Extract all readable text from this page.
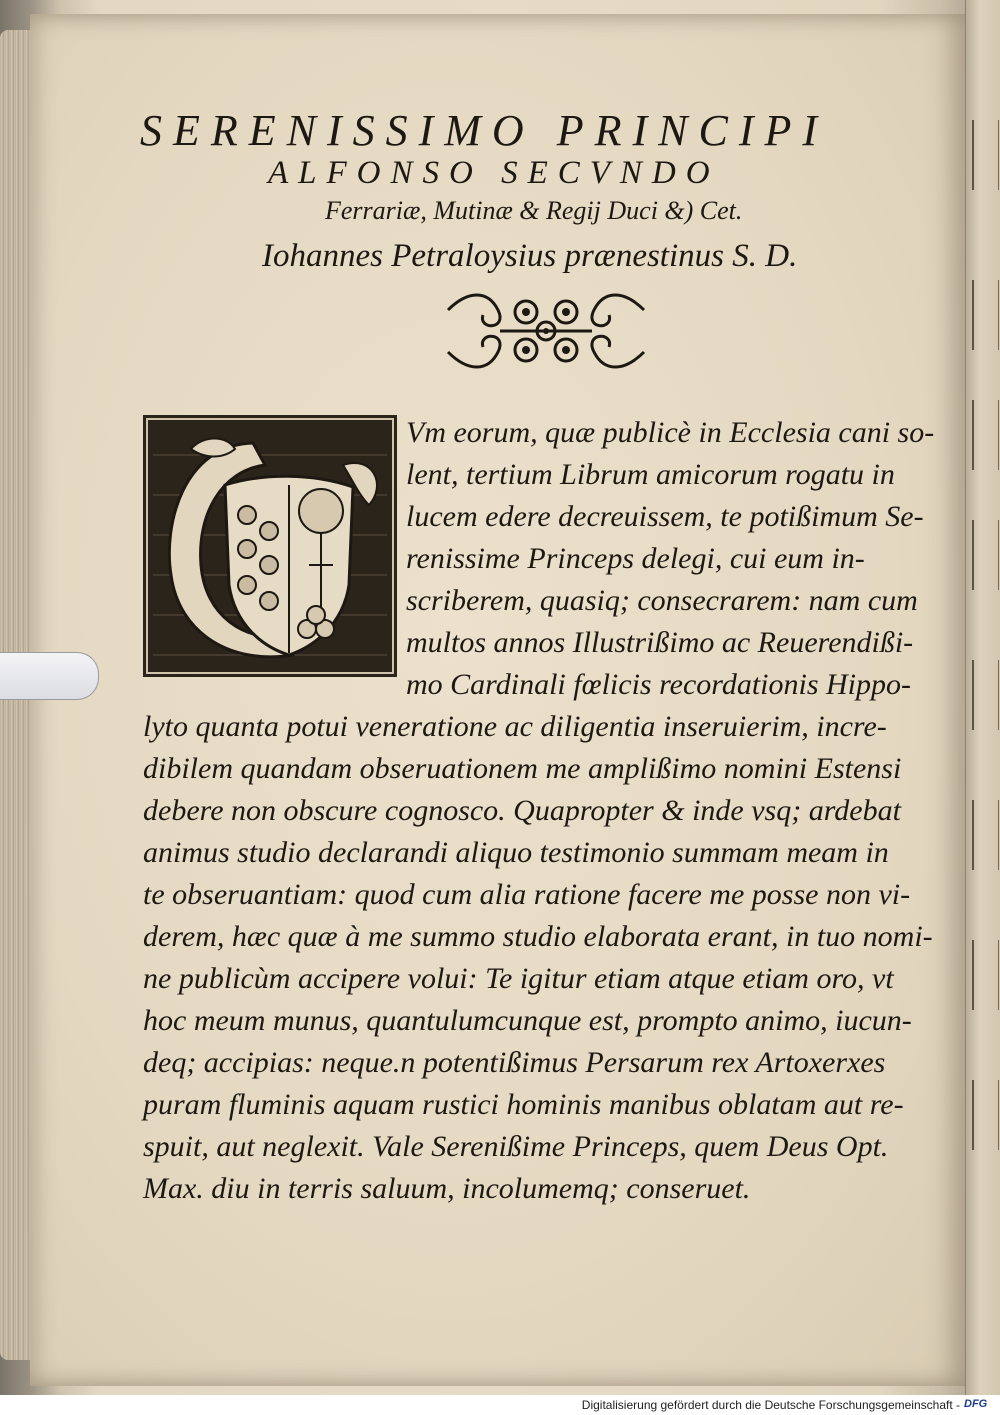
SERENISSIMO PRINCIPI
ALFONSO SECVNDO
Ferrariæ, Mutinæ & Regij Duci &) Cet.
Iohannes Petraloysius prænestinus S. D.
Vm eorum, quæ publicè in Ecclesia cani so-
lent, tertium Librum amicorum rogatu in
lucem edere decreuissem, te potißimum Se-
renissime Princeps delegi, cui eum in-
scriberem, quasiq; consecrarem: nam cum
multos annos Illustrißimo ac Reuerendißi-
mo Cardinali fœlicis recordationis Hippo-
lyto quanta potui veneratione ac diligentia inseruierim, incre-
dibilem quandam obseruationem me amplißimo nomini Estensi
debere non obscure cognosco. Quapropter & inde vsq; ardebat
animus studio declarandi aliquo testimonio summam meam in
te obseruantiam: quod cum alia ratione facere me posse non vi-
derem, hæc quæ à me summo studio elaborata erant, in tuo nomi-
ne publicùm accipere volui: Te igitur etiam atque etiam oro, vt
hoc meum munus, quantulumcunque est, prompto animo, iucun-
deq; accipias: neque.n potentißimus Persarum rex Artoxerxes
puram fluminis aquam rustici hominis manibus oblatam aut re-
spuit, aut neglexit. Vale Serenißime Princeps, quem Deus Opt.
Max. diu in terris saluum, incolumemq; conseruet.
Digitalisierung gefördert durch die Deutsche Forschungsgemeinschaft - DFG
